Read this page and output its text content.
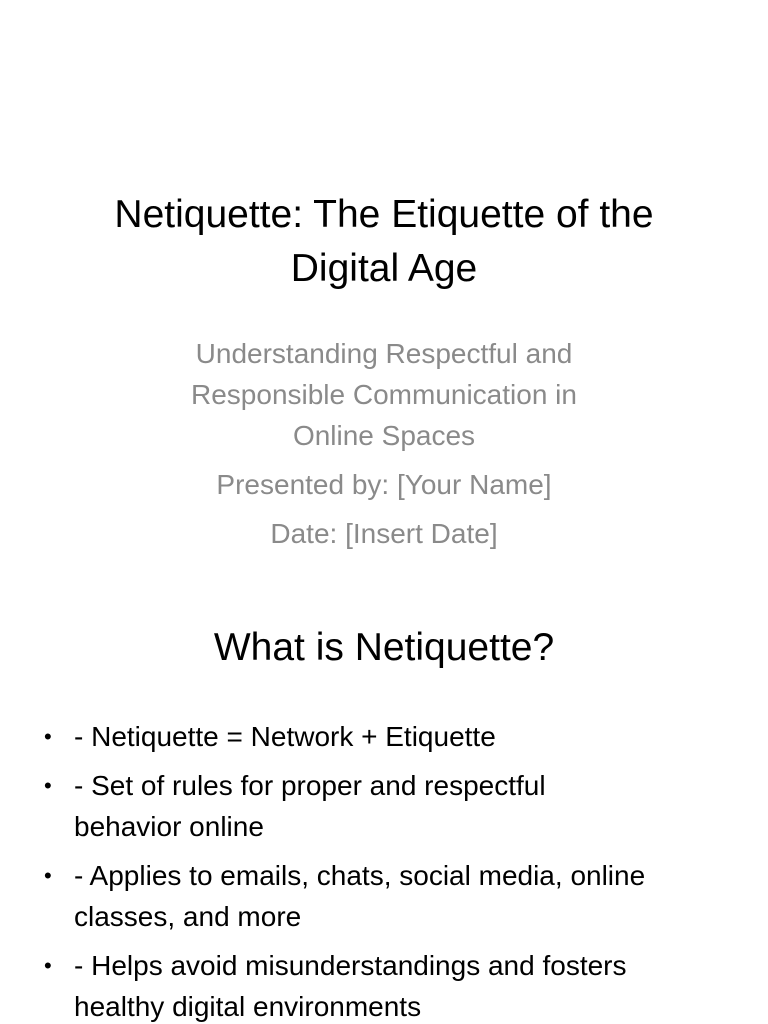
Netiquette: The Etiquette of the
Digital Age

Understanding Respectful and
Responsible Communication in
Online Spaces

Presented by: [Your Name]

Date: [Insert Date]

What is Netiquette?
• - Netiquette = Network + Etiquette
• - Set of rules for proper and respectful
behavior online
• - Applies to emails, chats, social media, online
classes, and more
• - Helps avoid misunderstandings and fosters
healthy digital environments
